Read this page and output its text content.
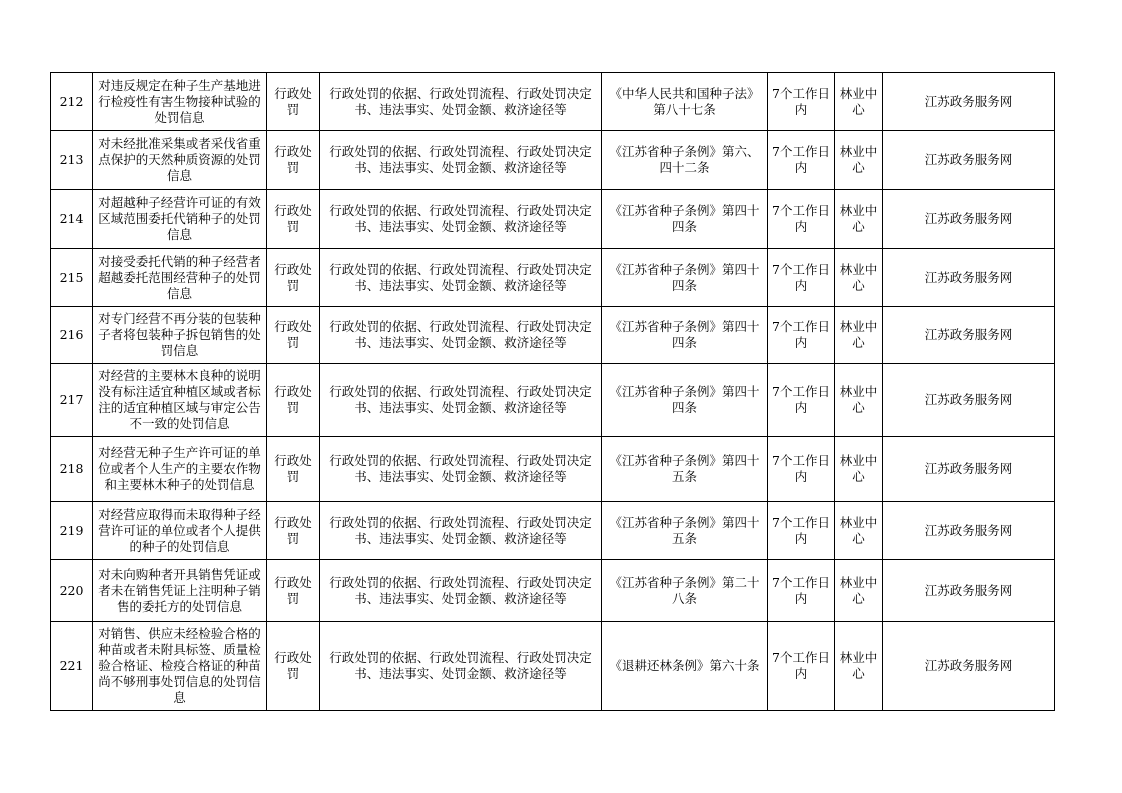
212	对违反规定在种子生产基地进行检疫性有害生物接种试验的处罚信息	行政处罚	行政处罚的依据、行政处罚流程、行政处罚决定书、违法事实、处罚金额、救济途径等	《中华人民共和国种子法》第八十七条	7个工作日内	林业中心	江苏政务服务网
213	对未经批准采集或者采伐省重点保护的天然种质资源的处罚信息	行政处罚	行政处罚的依据、行政处罚流程、行政处罚决定书、违法事实、处罚金额、救济途径等	《江苏省种子条例》第六、四十二条	7个工作日内	林业中心	江苏政务服务网
214	对超越种子经营许可证的有效区域范围委托代销种子的处罚信息	行政处罚	行政处罚的依据、行政处罚流程、行政处罚决定书、违法事实、处罚金额、救济途径等	《江苏省种子条例》第四十四条	7个工作日内	林业中心	江苏政务服务网
215	对接受委托代销的种子经营者超越委托范围经营种子的处罚信息	行政处罚	行政处罚的依据、行政处罚流程、行政处罚决定书、违法事实、处罚金额、救济途径等	《江苏省种子条例》第四十四条	7个工作日内	林业中心	江苏政务服务网
216	对专门经营不再分装的包装种子者将包装种子拆包销售的处罚信息	行政处罚	行政处罚的依据、行政处罚流程、行政处罚决定书、违法事实、处罚金额、救济途径等	《江苏省种子条例》第四十四条	7个工作日内	林业中心	江苏政务服务网
217	对经营的主要林木良种的说明没有标注适宜种植区域或者标注的适宜种植区域与审定公告不一致的处罚信息	行政处罚	行政处罚的依据、行政处罚流程、行政处罚决定书、违法事实、处罚金额、救济途径等	《江苏省种子条例》第四十四条	7个工作日内	林业中心	江苏政务服务网
218	对经营无种子生产许可证的单位或者个人生产的主要农作物和主要林木种子的处罚信息	行政处罚	行政处罚的依据、行政处罚流程、行政处罚决定书、违法事实、处罚金额、救济途径等	《江苏省种子条例》第四十五条	7个工作日内	林业中心	江苏政务服务网
219	对经营应取得而未取得种子经营许可证的单位或者个人提供的种子的处罚信息	行政处罚	行政处罚的依据、行政处罚流程、行政处罚决定书、违法事实、处罚金额、救济途径等	《江苏省种子条例》第四十五条	7个工作日内	林业中心	江苏政务服务网
220	对未向购种者开具销售凭证或者未在销售凭证上注明种子销售的委托方的处罚信息	行政处罚	行政处罚的依据、行政处罚流程、行政处罚决定书、违法事实、处罚金额、救济途径等	《江苏省种子条例》第二十八条	7个工作日内	林业中心	江苏政务服务网
221	对销售、供应未经检验合格的种苗或者未附具标签、质量检验合格证、检疫合格证的种苗尚不够刑事处罚信息的处罚信息	行政处罚	行政处罚的依据、行政处罚流程、行政处罚决定书、违法事实、处罚金额、救济途径等	《退耕还林条例》第六十条	7个工作日内	林业中心	江苏政务服务网
